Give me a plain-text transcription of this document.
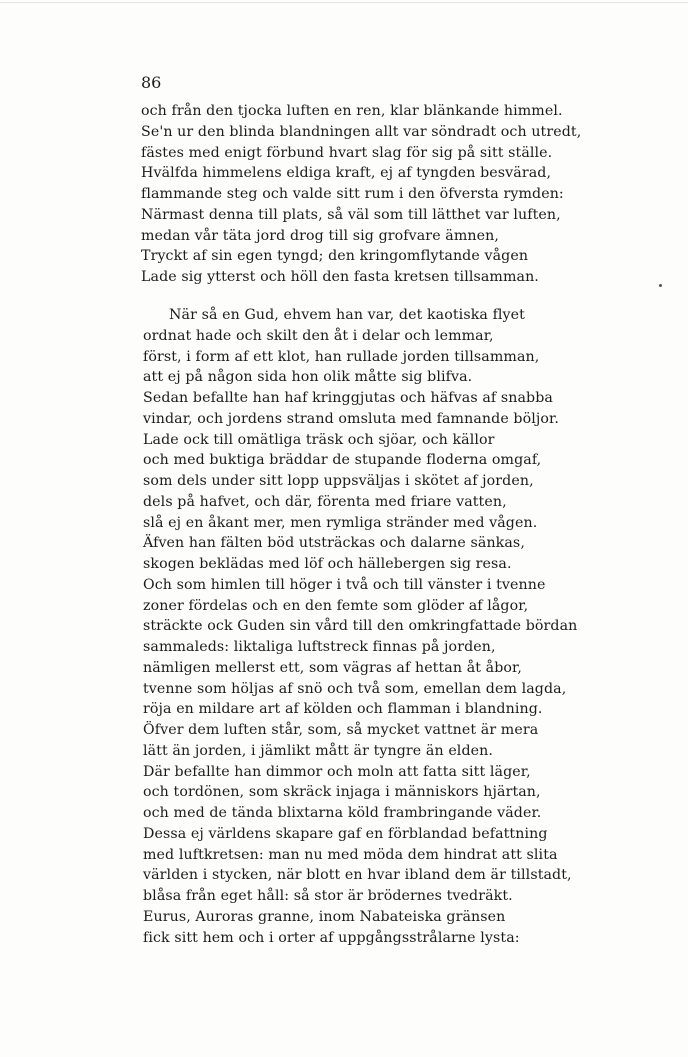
86
och från den tjocka luften en ren, klar blänkande himmel.
Se'n ur den blinda blandningen allt var söndradt och utredt,
fästes med enigt förbund hvart slag för sig på sitt ställe.
Hvälfda himmelens eldiga kraft, ej af tyngden besvärad,
flammande steg och valde sitt rum i den öfversta rymden:
Närmast denna till plats, så väl som till lätthet var luften,
medan vår täta jord drog till sig grofvare ämnen,
Tryckt af sin egen tyngd; den kringomflytande vågen
Lade sig ytterst och höll den fasta kretsen tillsamman.
När så en Gud, ehvem han var, det kaotiska flyet
ordnat hade och skilt den åt i delar och lemmar,
först, i form af ett klot, han rullade jorden tillsamman,
att ej på någon sida hon olik måtte sig blifva.
Sedan befallte han haf kringgjutas och häfvas af snabba
vindar, och jordens strand omsluta med famnande böljor.
Lade ock till omätliga träsk och sjöar, och källor
och med buktiga bräddar de stupande floderna omgaf,
som dels under sitt lopp uppsväljas i skötet af jorden,
dels på hafvet, och där, förenta med friare vatten,
slå ej en åkant mer, men rymliga stränder med vågen.
Äfven han fälten böd utsträckas och dalarne sänkas,
skogen beklädas med löf och hällebergen sig resa.
Och som himlen till höger i två och till vänster i tvenne
zoner fördelas och en den femte som glöder af lågor,
sträckte ock Guden sin vård till den omkringfattade bördan
sammaleds: liktaliga luftstreck finnas på jorden,
nämligen mellerst ett, som vägras af hettan åt åbor,
tvenne som höljas af snö och två som, emellan dem lagda,
röja en mildare art af kölden och flamman i blandning.
Öfver dem luften står, som, så mycket vattnet är mera
lätt än jorden, i jämlikt mått är tyngre än elden.
Där befallte han dimmor och moln att fatta sitt läger,
och tordönen, som skräck injaga i människors hjärtan,
och med de tända blixtarna köld frambringande väder.
Dessa ej världens skapare gaf en förblandad befattning
med luftkretsen: man nu med möda dem hindrat att slita
världen i stycken, när blott en hvar ibland dem är tillstadt,
blåsa från eget håll: så stor är brödernes tvedräkt.
Eurus, Auroras granne, inom Nabateiska gränsen
fick sitt hem och i orter af uppgångsstrålarne lysta:
